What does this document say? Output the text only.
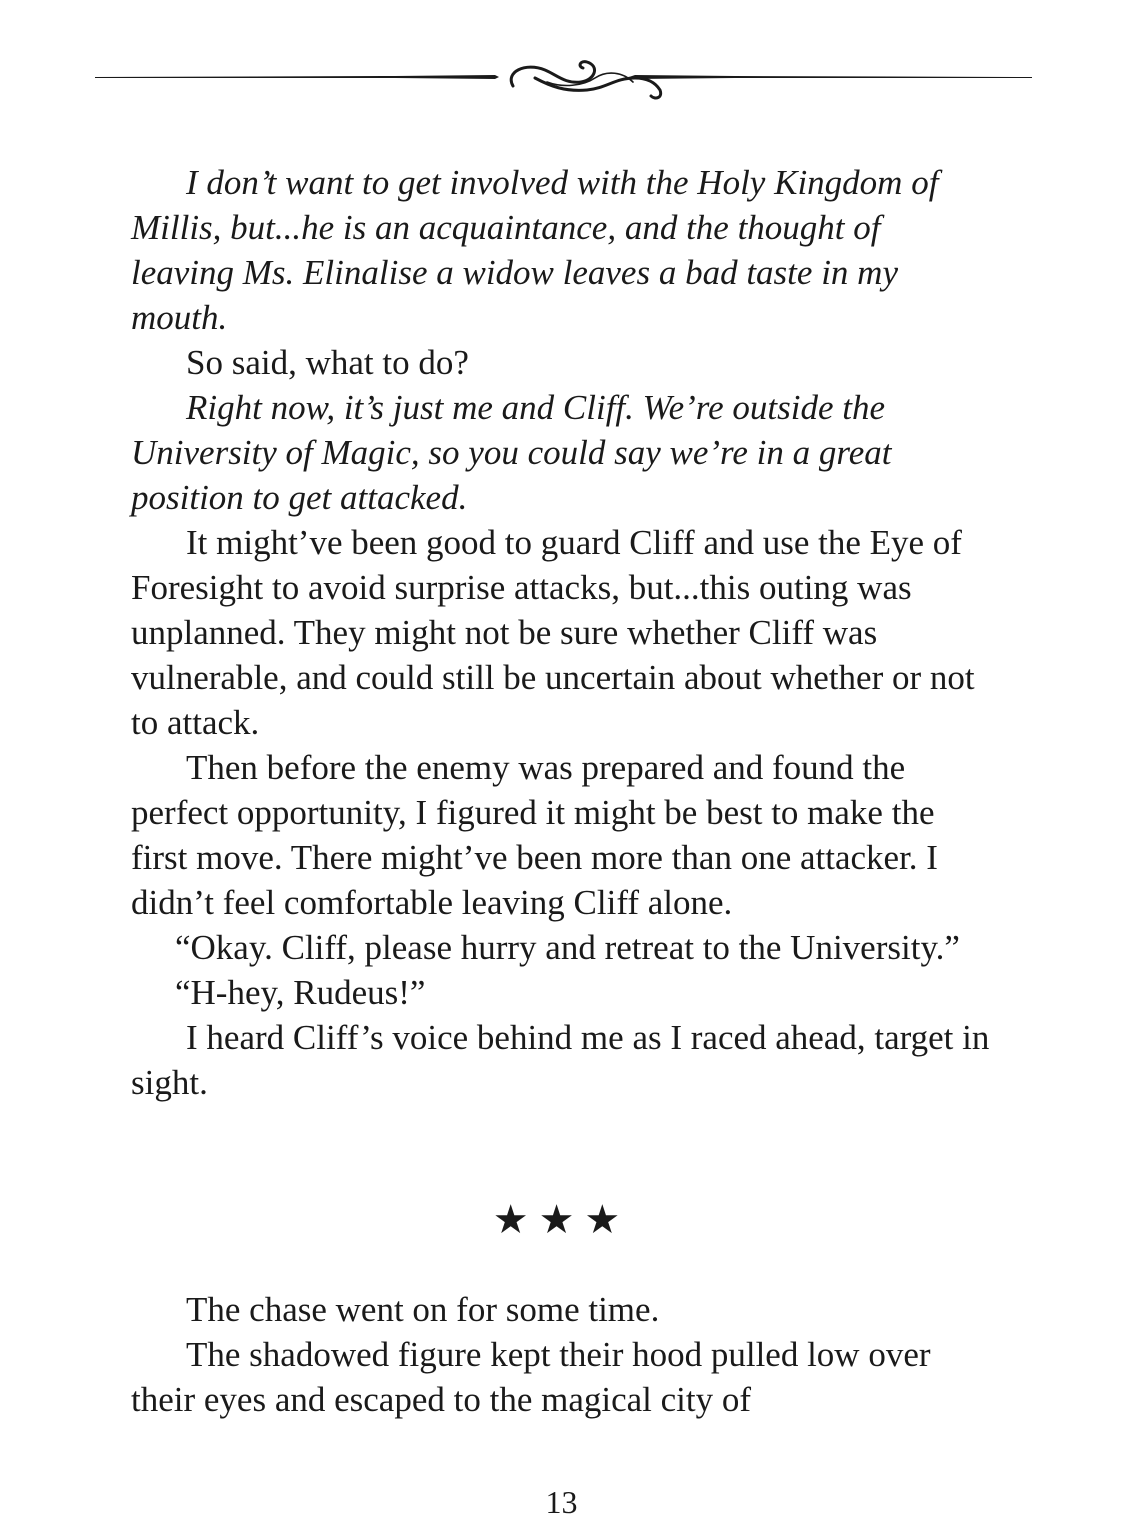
I don’t want to get involved with the Holy Kingdom of Millis, but...he is an acquaintance, and the thought of leaving Ms. Elinalise a widow leaves a bad taste in my mouth.

So said, what to do?

Right now, it’s just me and Cliff. We’re outside the University of Magic, so you could say we’re in a great position to get attacked.

It might’ve been good to guard Cliff and use the Eye of Foresight to avoid surprise attacks, but...this outing was unplanned. They might not be sure whether Cliff was vulnerable, and could still be uncertain about whether or not to attack.

Then before the enemy was prepared and found the perfect opportunity, I figured it might be best to make the first move. There might’ve been more than one attacker. I didn’t feel comfortable leaving Cliff alone.

“Okay. Cliff, please hurry and retreat to the University.”

“H-hey, Rudeus!”

I heard Cliff’s voice behind me as I raced ahead, target in sight.

★★★

The chase went on for some time.

The shadowed figure kept their hood pulled low over their eyes and escaped to the magical city of

13
